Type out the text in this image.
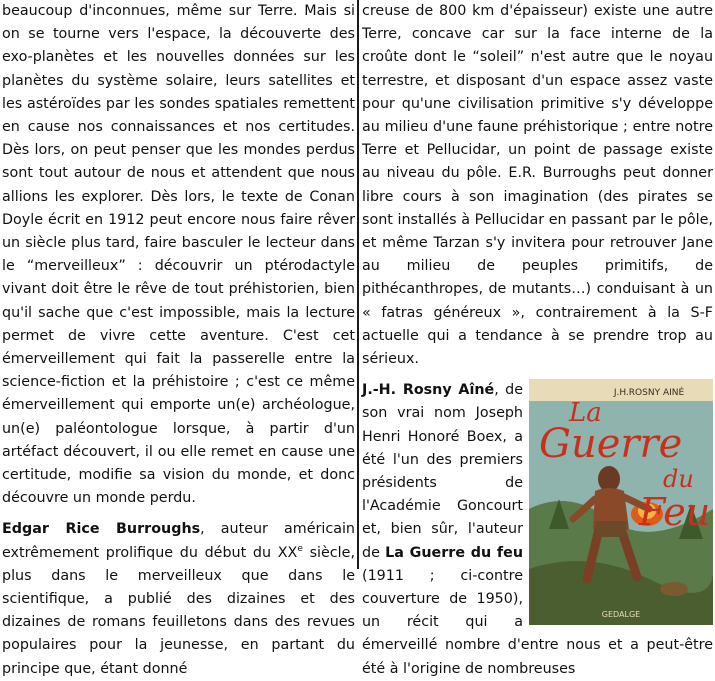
beaucoup d'inconnues, même sur Terre. Mais si on se tourne vers l'espace, la découverte des exo-planètes et les nouvelles données sur les planètes du système solaire, leurs satellites et les astéroïdes par les sondes spatiales remettent en cause nos connaissances et nos certitudes. Dès lors, on peut penser que les mondes perdus sont tout autour de nous et attendent que nous allions les explorer. Dès lors, le texte de Conan Doyle écrit en 1912 peut encore nous faire rêver un siècle plus tard, faire basculer le lecteur dans le “merveilleux” : découvrir un ptérodactyle vivant doit être le rêve de tout préhistorien, bien qu'il sache que c'est impossible, mais la lecture permet de vivre cette aventure. C'est cet émerveillement qui fait la passerelle entre la science-fiction et la préhistoire ; c'est ce même émerveillement qui emporte un(e) archéologue, un(e) paléontologue lorsque, à partir d'un artéfact découvert, il ou elle remet en cause une certitude, modifie sa vision du monde, et donc découvre un monde perdu.

Edgar Rice Burroughs, auteur américain extrêmement prolifique du début du XXe siècle, plus dans le merveilleux que dans le scientifique, a publié des dizaines et des dizaines de romans feuilletons dans des revues populaires pour la jeunesse, en partant du principe que, étant donné

creuse de 800 km d'épaisseur) existe une autre Terre, concave car sur la face interne de la croûte dont le “soleil” n'est autre que le noyau terrestre, et disposant d'un espace assez vaste pour qu'une civilisation primitive s'y développe au milieu d'une faune préhistorique ; entre notre Terre et Pellucidar, un point de passage existe au niveau du pôle. E.R. Burroughs peut donner libre cours à son imagination (des pirates se sont installés à Pellucidar en passant par le pôle, et même Tarzan s'y invitera pour retrouver Jane au milieu de peuples primitifs, de pithécanthropes, de mutants…) conduisant à un « fatras généreux », contrairement à la S-F actuelle qui a tendance à se prendre trop au sérieux.

J.H.ROSNY AINÉ
La
Guerre
du
Feu
GEDALGE

J.-H. Rosny Aîné, de son vrai nom Joseph Henri Honoré Boex, a été l'un des premiers présidents de l'Académie Goncourt et, bien sûr, l'auteur de La Guerre du feu (1911 ; ci-contre couverture de 1950), un récit qui a émerveillé nombre d'entre nous et a peut-être été à l'origine de nombreuses
